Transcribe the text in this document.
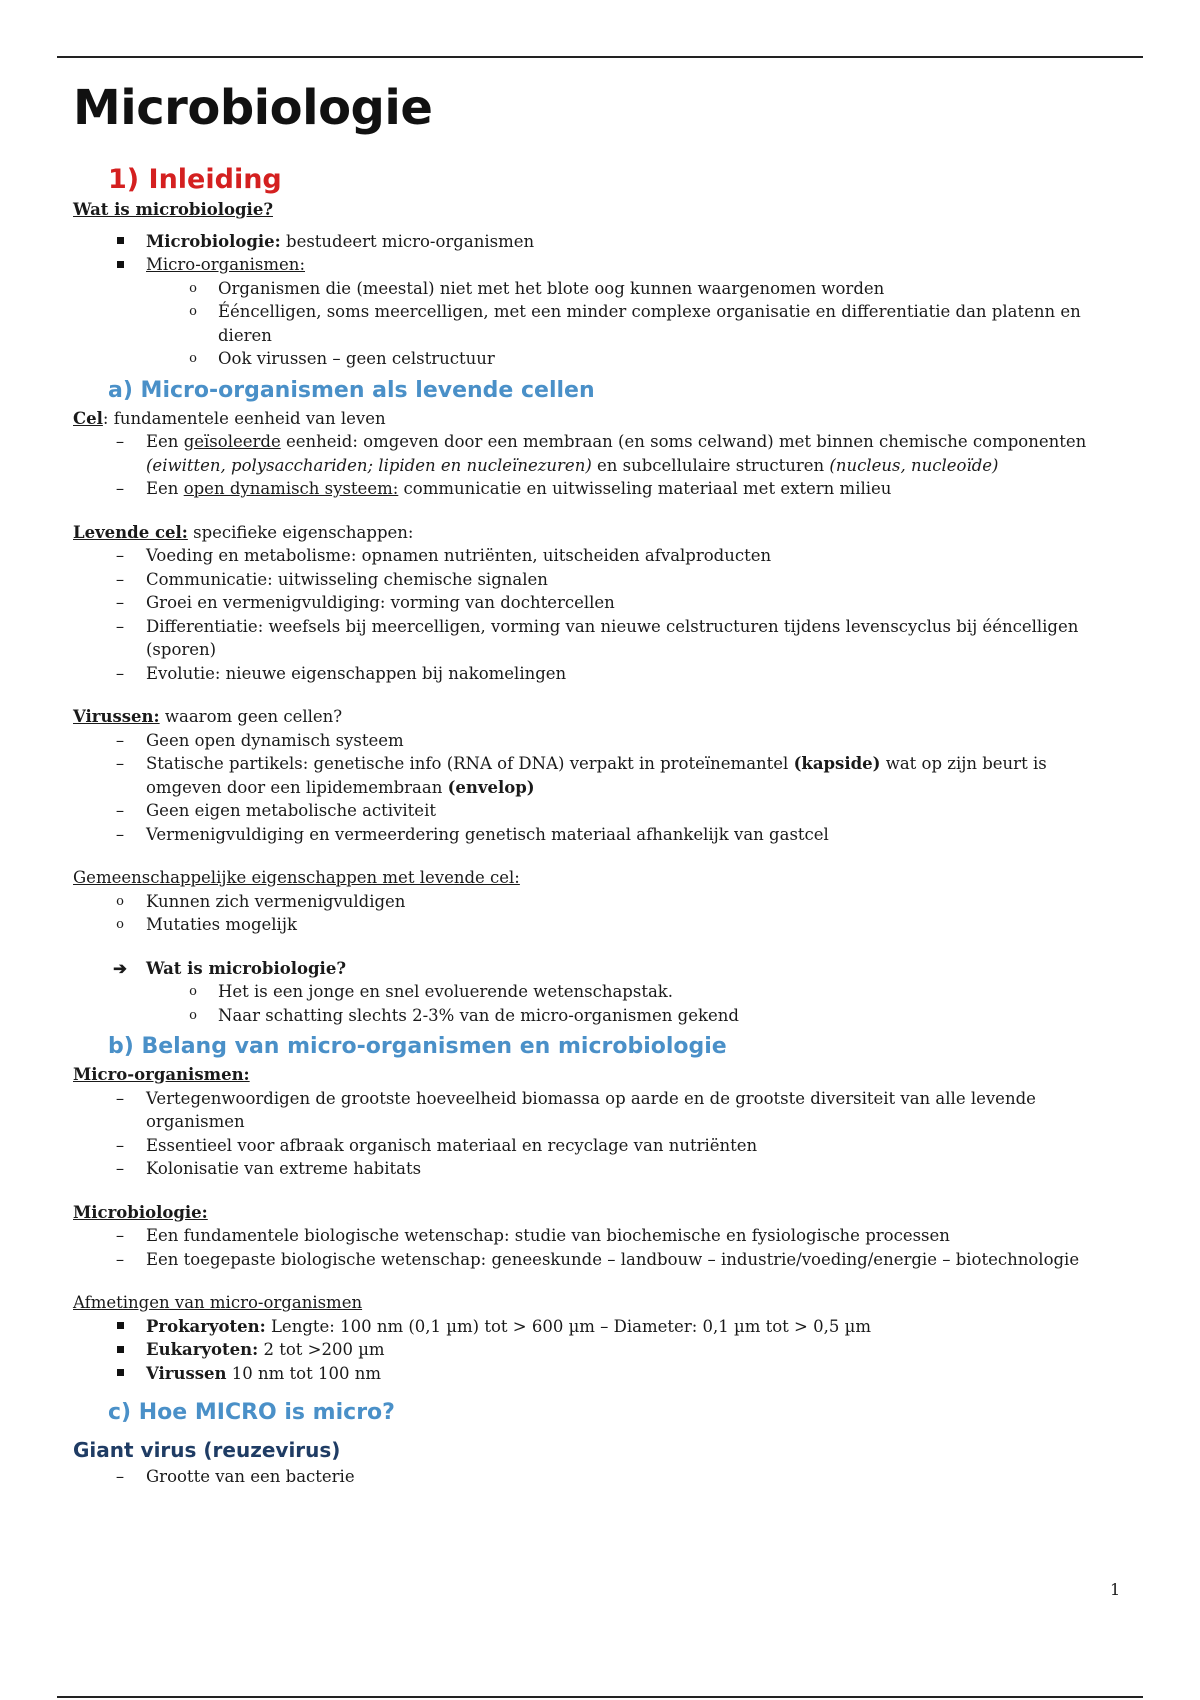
Microbiologie
1) Inleiding

Wat is microbiologie?

Microbiologie: bestudeert micro-organismen
Micro-organismen:
o	Organismen die (meestal) niet met het blote oog kunnen waargenomen worden
o	Ééncelligen, soms meercelligen, met een minder complexe organisatie en differentiatie dan platenn en dieren
o	Ook virussen – geen celstructuur
a) Micro-organismen als levende cellen

Cel: fundamentele eenheid van leven

–	Een geïsoleerde eenheid: omgeven door een membraan (en soms celwand) met binnen chemische componenten (eiwitten, polysacchariden; lipiden en nucleïnezuren) en subcellulaire structuren (nucleus, nucleoïde)
–	Een open dynamisch systeem: communicatie en uitwisseling materiaal met extern milieu

Levende cel: specifieke eigenschappen:

–	Voeding en metabolisme: opnamen nutriënten, uitscheiden afvalproducten
–	Communicatie: uitwisseling chemische signalen
–	Groei en vermenigvuldiging: vorming van dochtercellen
–	Differentiatie: weefsels bij meercelligen, vorming van nieuwe celstructuren tijdens levenscyclus bij ééncelligen (sporen)
–	Evolutie: nieuwe eigenschappen bij nakomelingen

Virussen: waarom geen cellen?

–	Geen open dynamisch systeem
–	Statische partikels: genetische info (RNA of DNA) verpakt in proteïnemantel (kapside) wat op zijn beurt is omgeven door een lipidemembraan (envelop)
–	Geen eigen metabolische activiteit
–	Vermenigvuldiging en vermeerdering genetisch materiaal afhankelijk van gastcel

Gemeenschappelijke eigenschappen met levende cel:

o	Kunnen zich vermenigvuldigen
o	Mutaties mogelijk
➔ Wat is microbiologie?
o	Het is een jonge en snel evoluerende wetenschapstak.
o	Naar schatting slechts 2-3% van de micro-organismen gekend
b) Belang van micro-organismen en microbiologie

Micro-organismen:

–	Vertegenwoordigen de grootste hoeveelheid biomassa op aarde en de grootste diversiteit van alle levende organismen
–	Essentieel voor afbraak organisch materiaal en recyclage van nutriënten
–	Kolonisatie van extreme habitats

Microbiologie:

–	Een fundamentele biologische wetenschap: studie van biochemische en fysiologische processen
–	Een toegepaste biologische wetenschap: geneeskunde – landbouw – industrie/voeding/energie – biotechnologie

Afmetingen van micro-organismen

Prokaryoten: Lengte: 100 nm (0,1 µm) tot > 600 µm – Diameter: 0,1 µm tot > 0,5 µm
Eukaryoten: 2 tot >200 µm
Virussen 10 nm tot 100 nm
c) Hoe MICRO is micro?
Giant virus (reuzevirus)
–	Grootte van een bacterie
1
